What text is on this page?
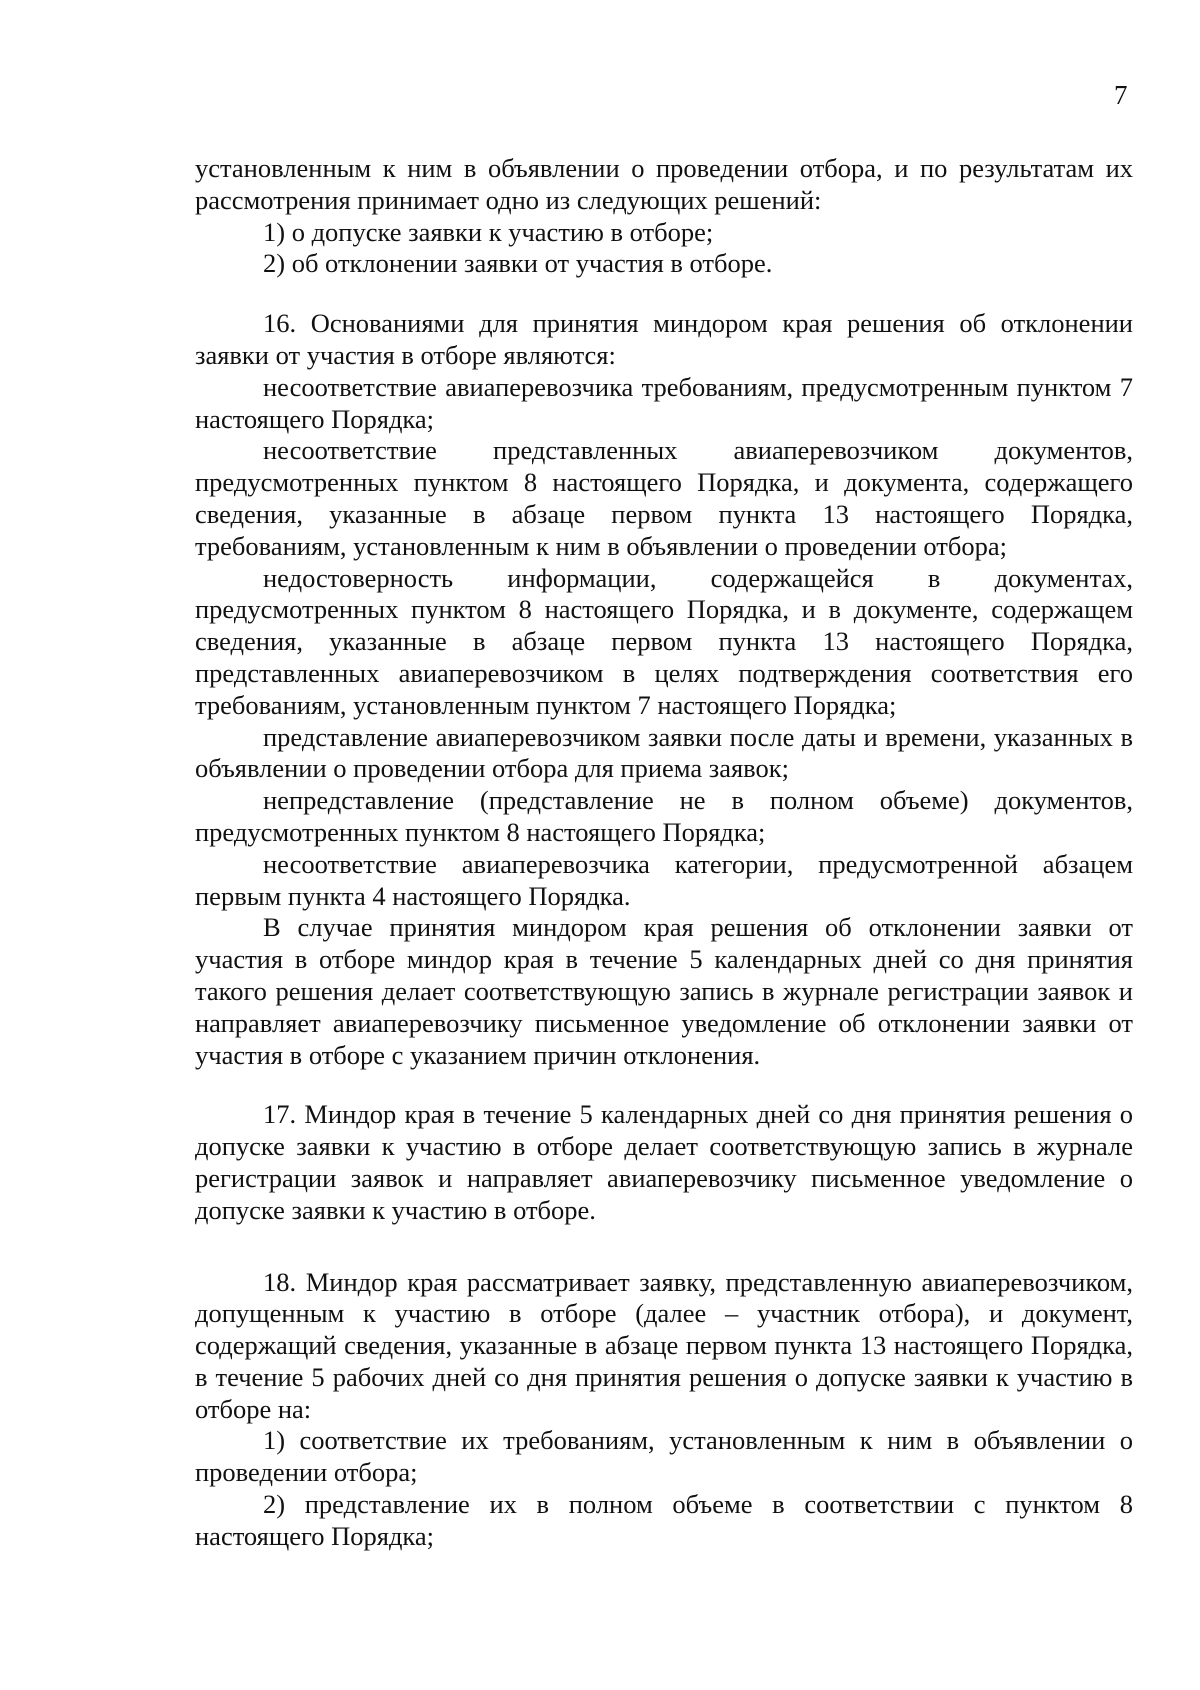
7

установленным к ним в объявлении о проведении отбора, и по результатам их рассмотрения принимает одно из следующих решений:

1) о допуске заявки к участию в отборе;

2) об отклонении заявки от участия в отборе.

16. Основаниями для принятия миндором края решения об отклонении заявки от участия в отборе являются:

несоответствие авиаперевозчика требованиям, предусмотренным пунктом 7 настоящего Порядка;

несоответствие представленных авиаперевозчиком документов, предусмотренных пунктом 8 настоящего Порядка, и документа, содержащего сведения, указанные в абзаце первом пункта 13 настоящего Порядка, требованиям, установленным к ним в объявлении о проведении отбора;

недостоверность информации, содержащейся в документах, предусмотренных пунктом 8 настоящего Порядка, и в документе, содержащем сведения, указанные в абзаце первом пункта 13 настоящего Порядка, представленных авиаперевозчиком в целях подтверждения соответствия его требованиям, установленным пунктом 7 настоящего Порядка;

представление авиаперевозчиком заявки после даты и времени, указанных в объявлении о проведении отбора для приема заявок;

непредставление (представление не в полном объеме) документов, предусмотренных пунктом 8 настоящего Порядка;

несоответствие авиаперевозчика категории, предусмотренной абзацем первым пункта 4 настоящего Порядка.

В случае принятия миндором края решения об отклонении заявки от участия в отборе миндор края в течение 5 календарных дней со дня принятия такого решения делает соответствующую запись в журнале регистрации заявок и направляет авиаперевозчику письменное уведомление об отклонении заявки от участия в отборе с указанием причин отклонения.

17. Миндор края в течение 5 календарных дней со дня принятия решения о допуске заявки к участию в отборе делает соответствующую запись в журнале регистрации заявок и направляет авиаперевозчику письменное уведомление о допуске заявки к участию в отборе.

18. Миндор края рассматривает заявку, представленную авиаперевозчиком, допущенным к участию в отборе (далее – участник отбора), и документ, содержащий сведения, указанные в абзаце первом пункта 13 настоящего Порядка, в течение 5 рабочих дней со дня принятия решения о допуске заявки к участию в отборе на:

1) соответствие их требованиям, установленным к ним в объявлении о проведении отбора;

2) представление их в полном объеме в соответствии с пунктом 8 настоящего Порядка;
